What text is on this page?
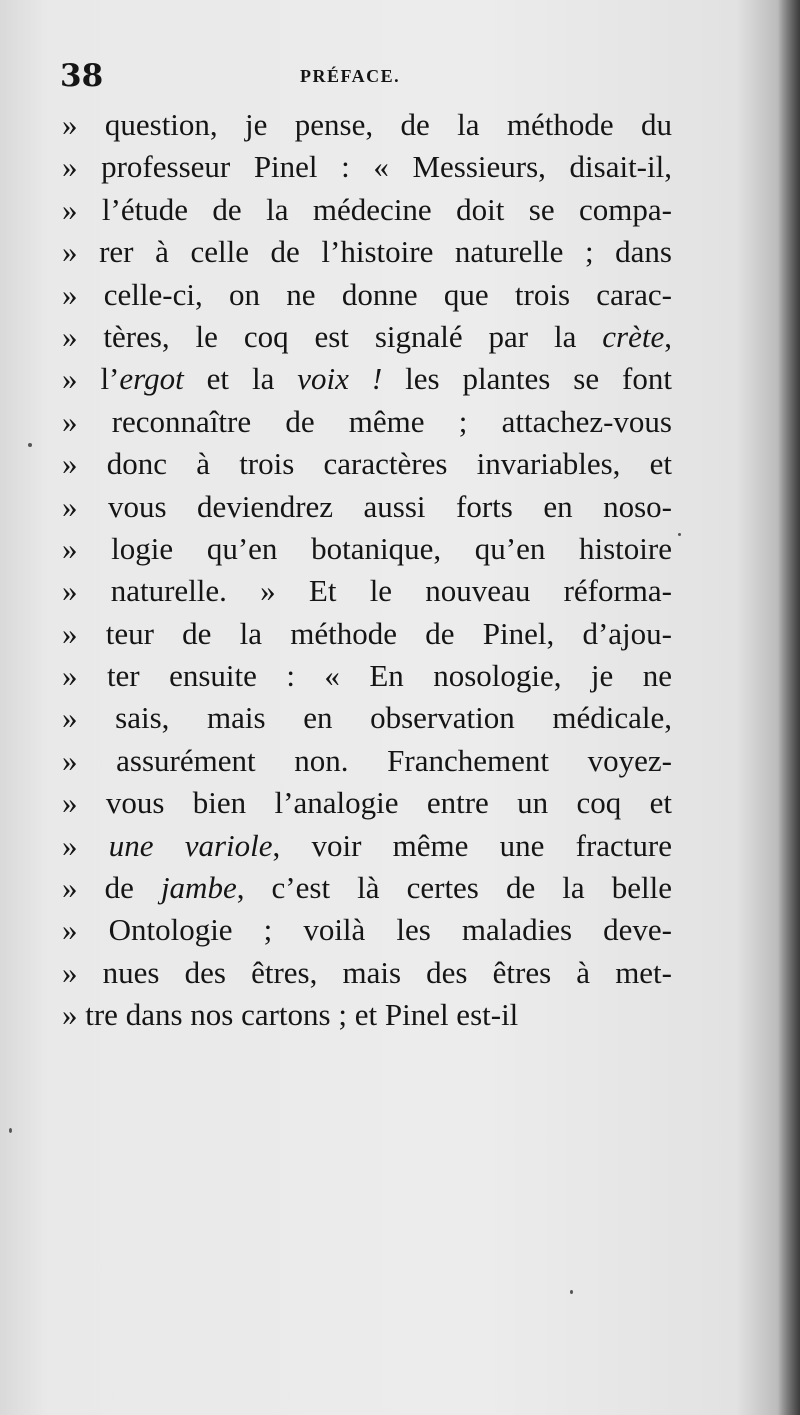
38	PRÉFACE.
» question, je pense, de la méthode du
» professeur Pinel : « Messieurs, disait-il,
» l’étude de la médecine doit se compa-
» rer à celle de l’histoire naturelle ; dans
» celle-ci, on ne donne que trois carac-
» tères, le coq est signalé par la crète,
» l’ergot et la voix ! les plantes se font
» reconnaître de même ; attachez-vous
» donc à trois caractères invariables, et
» vous deviendrez aussi forts en noso-
» logie qu’en botanique, qu’en histoire
» naturelle. » Et le nouveau réforma-
» teur de la méthode de Pinel, d’ajou-
» ter ensuite : « En nosologie, je ne
» sais, mais en observation médicale,
» assurément non. Franchement voyez-
» vous bien l’analogie entre un coq et
» une variole, voir même une fracture
» de jambe, c’est là certes de la belle
» Ontologie ; voilà les maladies deve-
» nues des êtres, mais des êtres à met-
» tre dans nos cartons ; et Pinel est-il
